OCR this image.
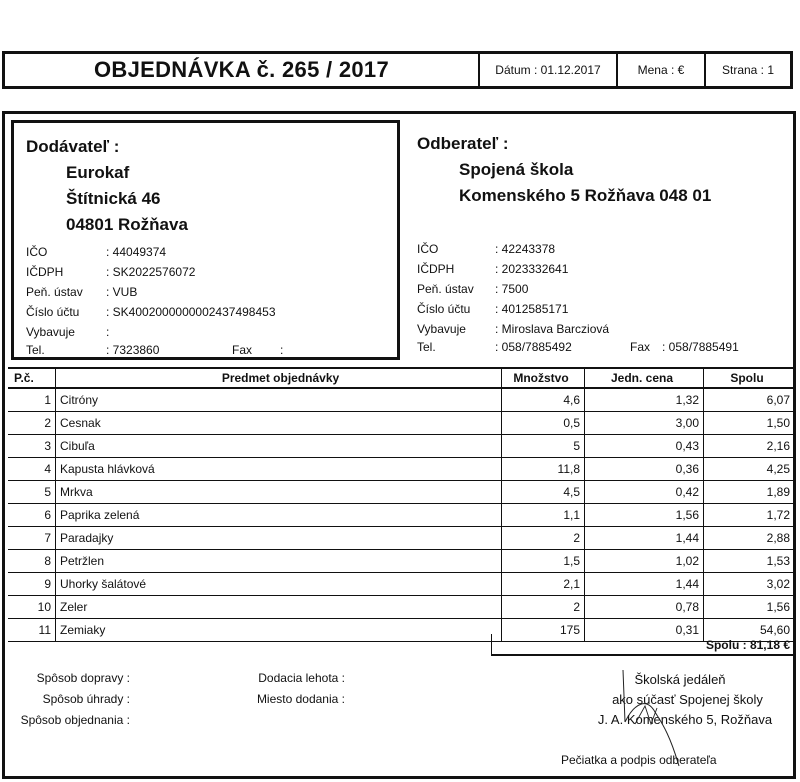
OBJEDNÁVKA č. 265 / 2017	Dátum : 01.12.2017	Mena : €	Strana : 1
Dodávateľ :
Eurokaf
Štítnická 46
04801 Rožňava
IČO	: 44049374
IČDPH	: SK2022576072
Peň. ústav : VUB
Číslo účtu : SK4002000000002437498453
Vybavuje	:
Tel.	: 7323860	Fax :
Odberateľ :
Spojená škola
Komenského 5 Rožňava 048 01
IČO	: 42243378
IČDPH	: 2023332641
Peň. ústav : 7500
Číslo účtu : 4012585171
Vybavuje : Miroslava Barcziová
Tel.	: 058/7885492	Fax : 058/7885491
P.č.	Predmet objednávky	Množstvo	Jedn. cena	Spolu
1	Citróny	4,6	1,32	6,07
2	Cesnak	0,5	3,00	1,50
3	Cibuľa	5	0,43	2,16
4	Kapusta hlávková	11,8	0,36	4,25
5	Mrkva	4,5	0,42	1,89
6	Paprika zelená	1,1	1,56	1,72
7	Paradajky	2	1,44	2,88
8	Petržlen	1,5	1,02	1,53
9	Uhorky šalátové	2,1	1,44	3,02
10	Zeler	2	0,78	1,56
11	Zemiaky	175	0,31	54,60
Spolu : 81,18 €
Spôsob dopravy :
Spôsob úhrady :
Spôsob objednania :
Dodacia lehota :
Miesto dodania :
Školská jedáleň
ako súčasť Spojenej školy
J. A. Komenského 5, Rožňava
Pečiatka a podpis odberateľa
